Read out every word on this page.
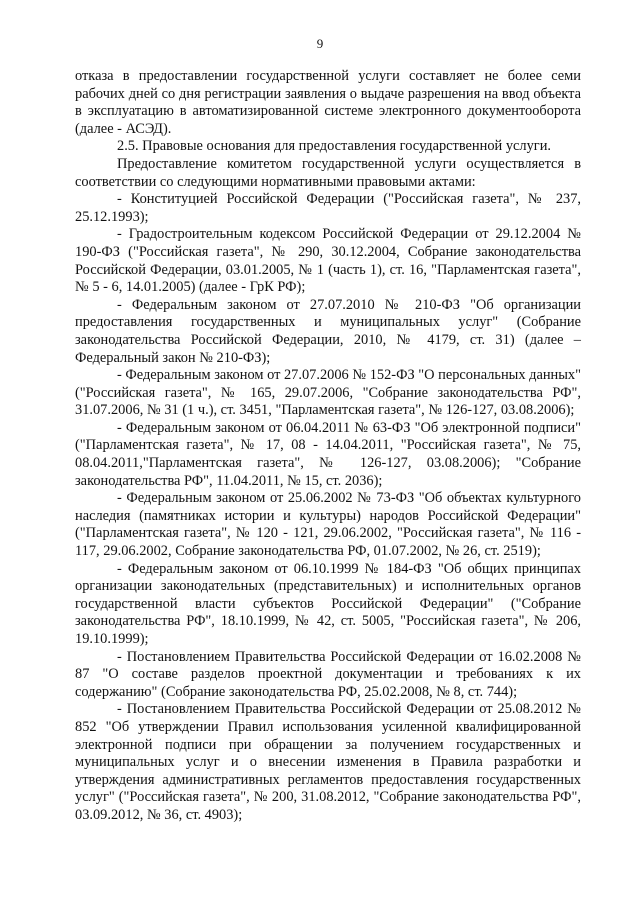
9

отказа в предоставлении государственной услуги составляет не более семи рабочих дней со дня регистрации заявления о выдаче разрешения на ввод объекта в эксплуатацию в автоматизированной системе электронного документооборота (далее - АСЭД).

2.5. Правовые основания для предоставления государственной услуги.

Предоставление комитетом государственной услуги осуществляется в соответствии со следующими нормативными правовыми актами:

- Конституцией Российской Федерации ("Российская газета", № 237, 25.12.1993);

- Градостроительным кодексом Российской Федерации от 29.12.2004 № 190-ФЗ ("Российская газета", № 290, 30.12.2004, Собрание законодательства Российской Федерации, 03.01.2005, № 1 (часть 1), ст. 16, "Парламентская газета", № 5 - 6, 14.01.2005) (далее - ГрК РФ);

- Федеральным законом от 27.07.2010 № 210-ФЗ "Об организации предоставления государственных и муниципальных услуг" (Собрание законодательства Российской Федерации, 2010, № 4179, ст. 31) (далее – Федеральный закон № 210-ФЗ);

- Федеральным законом от 27.07.2006 № 152-ФЗ "О персональных данных" ("Российская газета", № 165, 29.07.2006, "Собрание законодательства РФ", 31.07.2006, № 31 (1 ч.), ст. 3451, "Парламентская газета", № 126-127, 03.08.2006);

- Федеральным законом от 06.04.2011 № 63-ФЗ "Об электронной подписи" ("Парламентская газета", № 17, 08 - 14.04.2011, "Российская газета", № 75, 08.04.2011,"Парламентская газета", № 126-127, 03.08.2006); "Собрание законодательства РФ", 11.04.2011, № 15, ст. 2036);

- Федеральным законом от 25.06.2002 № 73-ФЗ "Об объектах культурного наследия (памятниках истории и культуры) народов Российской Федерации" ("Парламентская газета", № 120 - 121, 29.06.2002, "Российская газета", № 116 - 117, 29.06.2002, Собрание законодательства РФ, 01.07.2002, № 26, ст. 2519);

- Федеральным законом от 06.10.1999 № 184-ФЗ "Об общих принципах организации законодательных (представительных) и исполнительных органов государственной власти субъектов Российской Федерации" ("Собрание законодательства РФ", 18.10.1999, № 42, ст. 5005, "Российская газета", № 206, 19.10.1999);

- Постановлением Правительства Российской Федерации от 16.02.2008 № 87 "О составе разделов проектной документации и требованиях к их содержанию" (Собрание законодательства РФ, 25.02.2008, № 8, ст. 744);

- Постановлением Правительства Российской Федерации от 25.08.2012 № 852 "Об утверждении Правил использования усиленной квалифицированной электронной подписи при обращении за получением государственных и муниципальных услуг и о внесении изменения в Правила разработки и утверждения административных регламентов предоставления государственных услуг" ("Российская газета", № 200, 31.08.2012, "Собрание законодательства РФ", 03.09.2012, № 36, ст. 4903);
